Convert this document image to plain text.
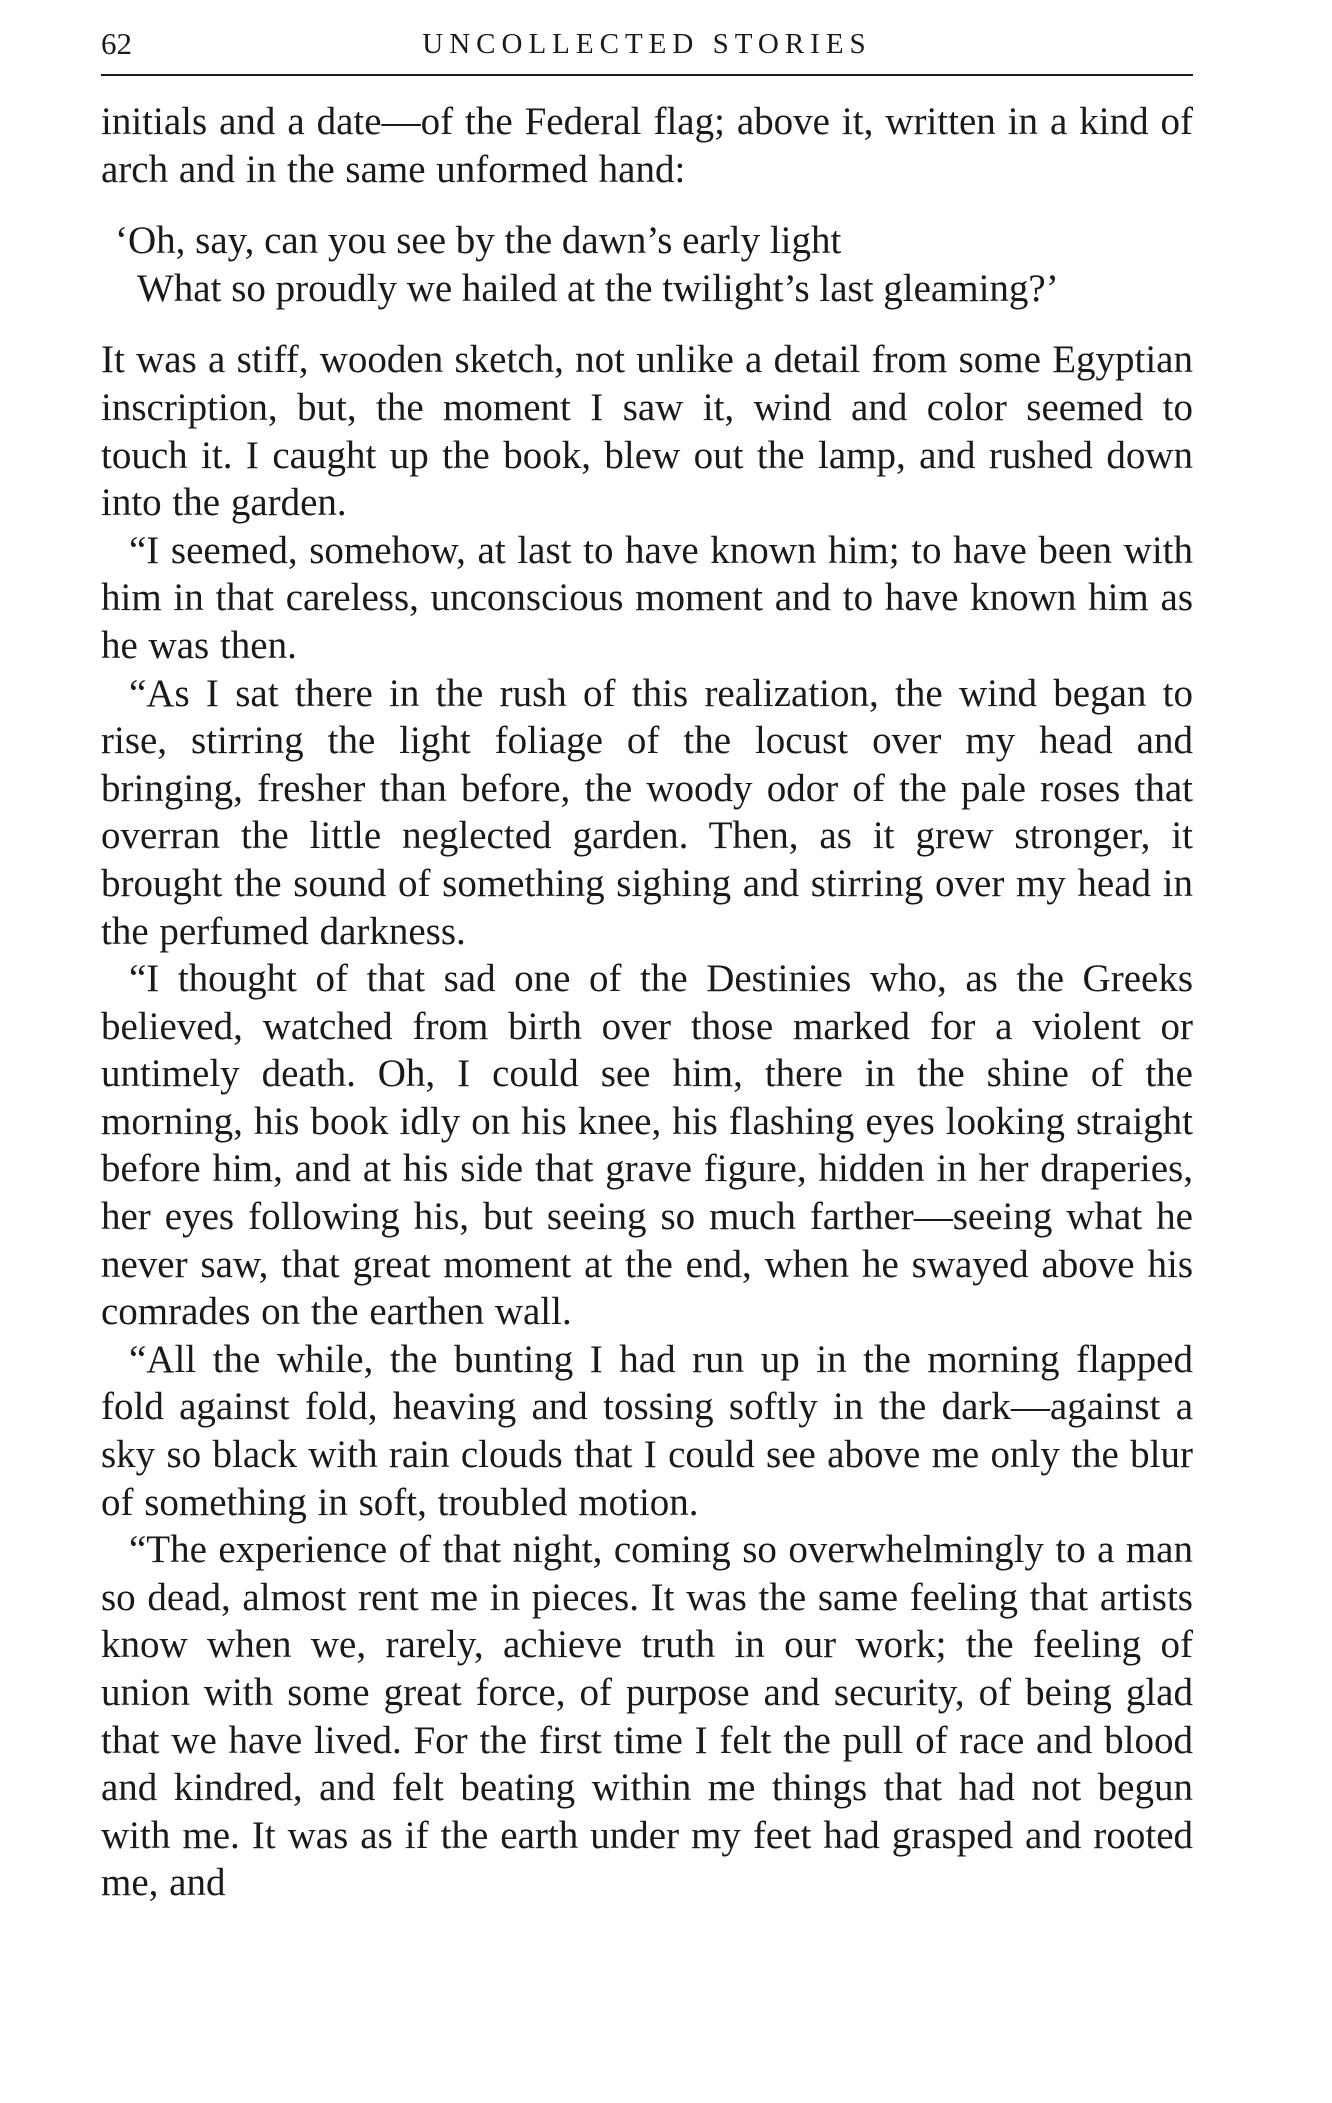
62	UNCOLLECTED STORIES

initials and a date—of the Federal flag; above it, written in a kind of arch and in the same unformed hand:

‘Oh, say, can you see by the dawn’s early light
What so proudly we hailed at the twilight’s last gleaming?’

It was a stiff, wooden sketch, not unlike a detail from some Egyptian inscription, but, the moment I saw it, wind and color seemed to touch it. I caught up the book, blew out the lamp, and rushed down into the garden.

“I seemed, somehow, at last to have known him; to have been with him in that careless, unconscious moment and to have known him as he was then.

“As I sat there in the rush of this realization, the wind began to rise, stirring the light foliage of the locust over my head and bringing, fresher than before, the woody odor of the pale roses that overran the little neglected garden. Then, as it grew stronger, it brought the sound of something sighing and stirring over my head in the perfumed darkness.

“I thought of that sad one of the Destinies who, as the Greeks believed, watched from birth over those marked for a violent or untimely death. Oh, I could see him, there in the shine of the morning, his book idly on his knee, his flashing eyes looking straight before him, and at his side that grave figure, hidden in her draperies, her eyes following his, but seeing so much farther—seeing what he never saw, that great moment at the end, when he swayed above his comrades on the earthen wall.

“All the while, the bunting I had run up in the morning flapped fold against fold, heaving and tossing softly in the dark—against a sky so black with rain clouds that I could see above me only the blur of something in soft, troubled motion.

“The experience of that night, coming so overwhelmingly to a man so dead, almost rent me in pieces. It was the same feeling that artists know when we, rarely, achieve truth in our work; the feeling of union with some great force, of purpose and security, of being glad that we have lived. For the first time I felt the pull of race and blood and kindred, and felt beating within me things that had not begun with me. It was as if the earth under my feet had grasped and rooted me, and
